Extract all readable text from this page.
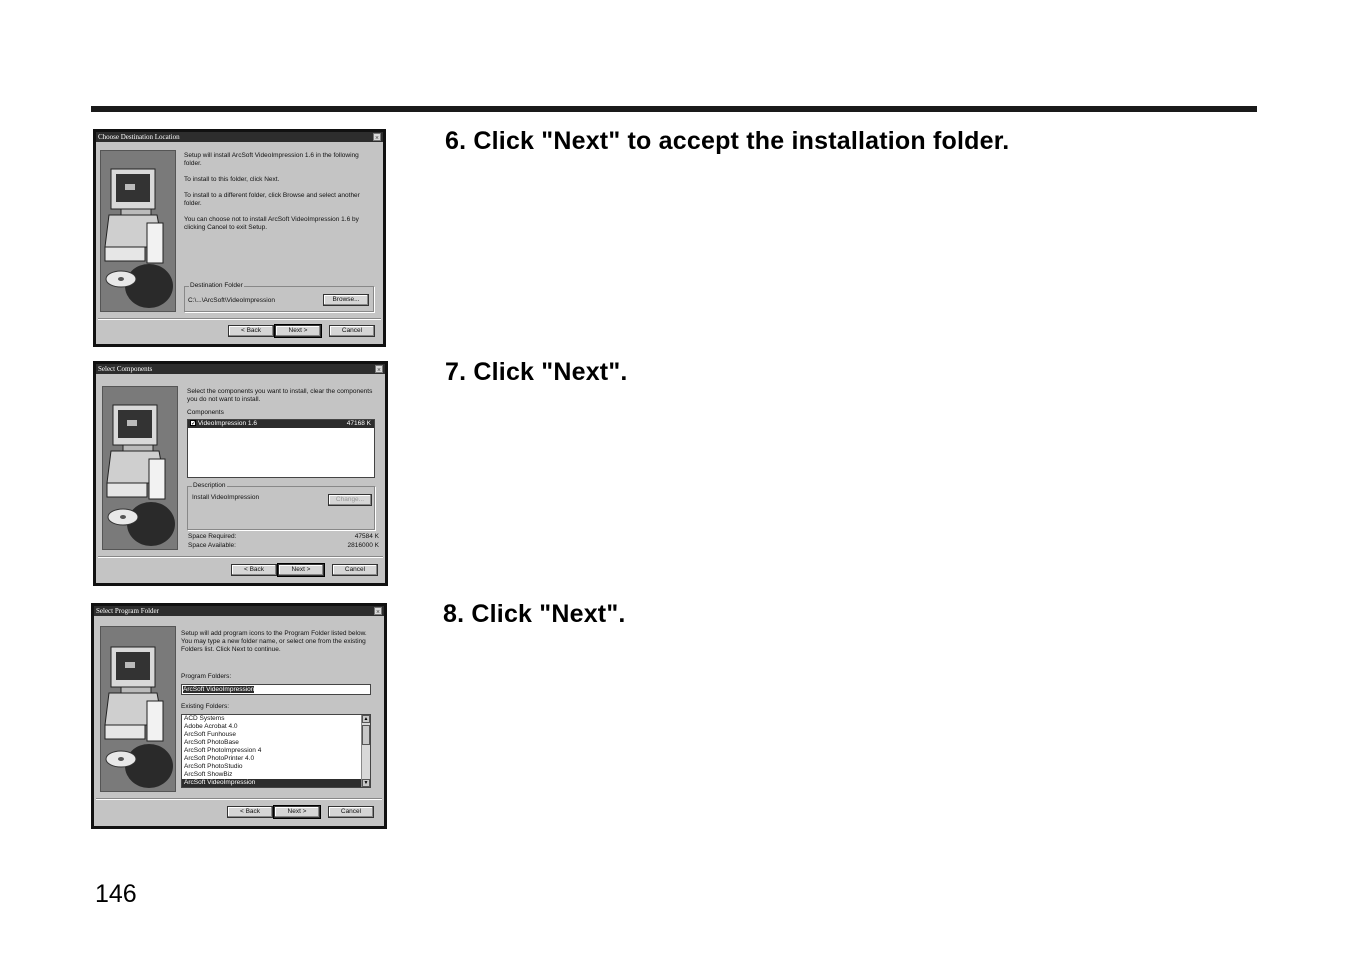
6. Click "Next" to accept the installation folder.
7. Click "Next".
8. Click "Next".
Choose Destination Location	×
Setup will install ArcSoft VideoImpression 1.6 in the following folder.
To install to this folder, click Next.
To install to a different folder, click Browse and select another folder.
You can choose not to install ArcSoft VideoImpression 1.6 by clicking Cancel to exit Setup.
Destination Folder
C:\...\ArcSoft\VideoImpression	Browse...
< Back	Next >	Cancel
Select Components	×
Select the components you want to install, clear the components you do not want to install.
Components
✓ VideoImpression 1.6	47168 K
Description
Install VideoImpression	Change...
Space Required:	47584 K
Space Available:	2816000 K
< Back	Next >	Cancel
Select Program Folder	×
Setup will add program icons to the Program Folder listed below. You may type a new folder name, or select one from the existing Folders list. Click Next to continue.
Program Folders:
ArcSoft VideoImpression
Existing Folders:
ACD Systems
Adobe Acrobat 4.0
ArcSoft Funhouse
ArcSoft PhotoBase
ArcSoft PhotoImpression 4
ArcSoft PhotoPrinter 4.0
ArcSoft PhotoStudio
ArcSoft ShowBiz
ArcSoft VideoImpression
▲
▼
< Back	Next >	Cancel
146
